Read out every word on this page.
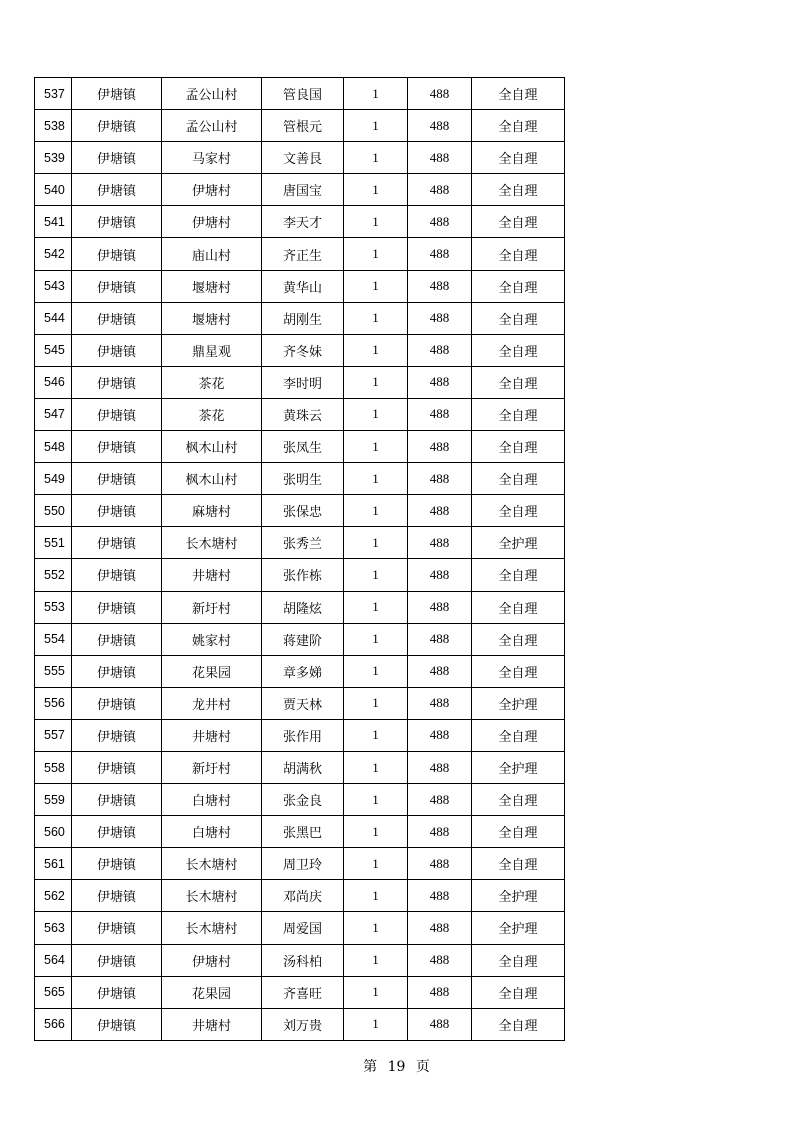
537	伊塘镇	孟公山村	管良国	1	488	全自理
538	伊塘镇	孟公山村	管根元	1	488	全自理
539	伊塘镇	马家村	文善艮	1	488	全自理
540	伊塘镇	伊塘村	唐国宝	1	488	全自理
541	伊塘镇	伊塘村	李天才	1	488	全自理
542	伊塘镇	庙山村	齐正生	1	488	全自理
543	伊塘镇	堰塘村	黄华山	1	488	全自理
544	伊塘镇	堰塘村	胡刚生	1	488	全自理
545	伊塘镇	鼎星观	齐冬妹	1	488	全自理
546	伊塘镇	茶花	李时明	1	488	全自理
547	伊塘镇	茶花	黄珠云	1	488	全自理
548	伊塘镇	枫木山村	张凤生	1	488	全自理
549	伊塘镇	枫木山村	张明生	1	488	全自理
550	伊塘镇	麻塘村	张保忠	1	488	全自理
551	伊塘镇	长木塘村	张秀兰	1	488	全护理
552	伊塘镇	井塘村	张作栋	1	488	全自理
553	伊塘镇	新圩村	胡隆炫	1	488	全自理
554	伊塘镇	姚家村	蒋建阶	1	488	全自理
555	伊塘镇	花果园	章多娣	1	488	全自理
556	伊塘镇	龙井村	贾天林	1	488	全护理
557	伊塘镇	井塘村	张作用	1	488	全自理
558	伊塘镇	新圩村	胡满秋	1	488	全护理
559	伊塘镇	白塘村	张金良	1	488	全自理
560	伊塘镇	白塘村	张黑巴	1	488	全自理
561	伊塘镇	长木塘村	周卫玲	1	488	全自理
562	伊塘镇	长木塘村	邓尚庆	1	488	全护理
563	伊塘镇	长木塘村	周爱国	1	488	全护理
564	伊塘镇	伊塘村	汤科柏	1	488	全自理
565	伊塘镇	花果园	齐喜旺	1	488	全自理
566	伊塘镇	井塘村	刘万贵	1	488	全自理
第 19 页
